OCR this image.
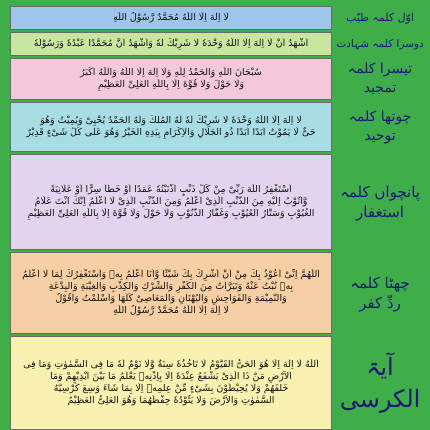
لَا اِلٰهَ اِلَّا اللّٰهُ مُحَمَّدٌ رَّسُوْلُ اللّٰهِ
اَشْهَدُ اَنْ لَّا اِلٰهَ اِلَّا اللّٰهُ وَحْدَهٗ لَا شَرِیْكَ لَهٗ وَاَشْهَدُ اَنَّ مُحَمَّدًا عَبْدُهٗ وَرَسُوْلُهٗ
سُبْحَانَ اللّٰهِ وَالْحَمْدُ لِلّٰهِ وَلَا اِلٰهَ اِلَّا اللّٰهُ وَاللّٰهُ اَكْبَرُ
وَلَا حَوْلَ وَلَا قُوَّةَ اِلَّا بِاللّٰهِ الْعَلِیِّ الْعَظِیْمِ
لَا اِلٰهَ اِلَّا اللّٰهُ وَحْدَهٗ لَا شَرِیْكَ لَهٗ لَهُ الْمُلْكُ وَلَهُ الْحَمْدُ یُحْیِیْ وَیُمِیْتُ وَهُوَ
حَیٌّ لَّا یَمُوْتُ اَبَدًا اَبَدًا ذُو الْجَلَالِ وَالْاِكْرَامِ بِیَدِهِ الْخَیْرُ وَهُوَ عَلٰی كُلِّ شَیْءٍ قَدِیْرٌ
اَسْتَغْفِرُ اللّٰهَ رَبِّیْ مِنْ كُلِّ ذَنْبٍ اَذْنَبْتُهٗ عَمَدًا اَوْ خَطَاً سِرًّا اَوْ عَلَانِیَةً
وَّاَتُوْبُ اِلَیْهِ مِنَ الذَّنْبِ الَّذِیْ اَعْلَمُ وَمِنَ الذَّنْبِ الَّذِیْ لَا اَعْلَمُ اِنَّكَ اَنْتَ عَلَّامُ
الْغُیُوْبِ وَسَتَّارُ الْعُیُوْبِ وَغَفَّارُ الذُّنُوْبِ وَلَا حَوْلَ وَلَا قُوَّةَ اِلَّا بِاللّٰهِ الْعَلِیِّ الْعَظِیْمِ
اَللّٰهُمَّ اِنِّیْ اَعُوْذُ بِكَ مِنْ اَنْ اُشْرِكَ بِكَ شَیْئًا وَّاَنَا اَعْلَمُ بِهٖ وَاَسْتَغْفِرُكَ لِمَا لَا اَعْلَمُ
بِهٖ تُبْتُ عَنْهُ وَتَبَرَّاْتُ مِنَ الْكُفْرِ وَالشِّرْكِ وَالْكِذْبِ وَالْغِیْبَةِ وَالْبِدْعَةِ
وَالنَّمِیْمَةِ وَالْفَوَاحِشِ وَالْبُهْتَانِ وَالْمَعَاصِیْ كُلِّهَا وَاَسْلَمْتُ وَاَقُوْلُ
لَا اِلٰهَ اِلَّا اللّٰهُ مُحَمَّدٌ رَّسُوْلُ اللّٰهِ
اَللّٰهُ لَا اِلٰهَ اِلَّا هُوَ الْحَیُّ الْقَیُّوْمُ لَا تَاْخُذُهٗ سِنَةٌ وَّلَا نَوْمٌ لَهٗ مَا فِی السَّمٰوٰتِ وَمَا فِی
الْاَرْضِ مَنْ ذَا الَّذِیْ یَشْفَعُ عِنْدَهٗ اِلَّا بِاِذْنِهٖ یَعْلَمُ مَا بَیْنَ اَیْدِیْهِمْ وَمَا
خَلْفَهُمْ وَلَا یُحِیْطُوْنَ بِشَیْءٍ مِّنْ عِلْمِهٖ اِلَّا بِمَا شَآءَ وَسِعَ كُرْسِیُّهُ
السَّمٰوٰتِ وَالْاَرْضَ وَلَا یَئُوْدُهٗ حِفْظُهُمَا وَهُوَ الْعَلِیُّ الْعَظِیْمُ
اوّل کلمہ طیّب
دوسرا کلمہ شہادت
تیسرا کلمہ
تمجید
چوتھا کلمہ
توحید
پانچواں کلمہ
استغفار
چھٹا کلمہ
ردِّ کفر
آیۃ
الکرسی
